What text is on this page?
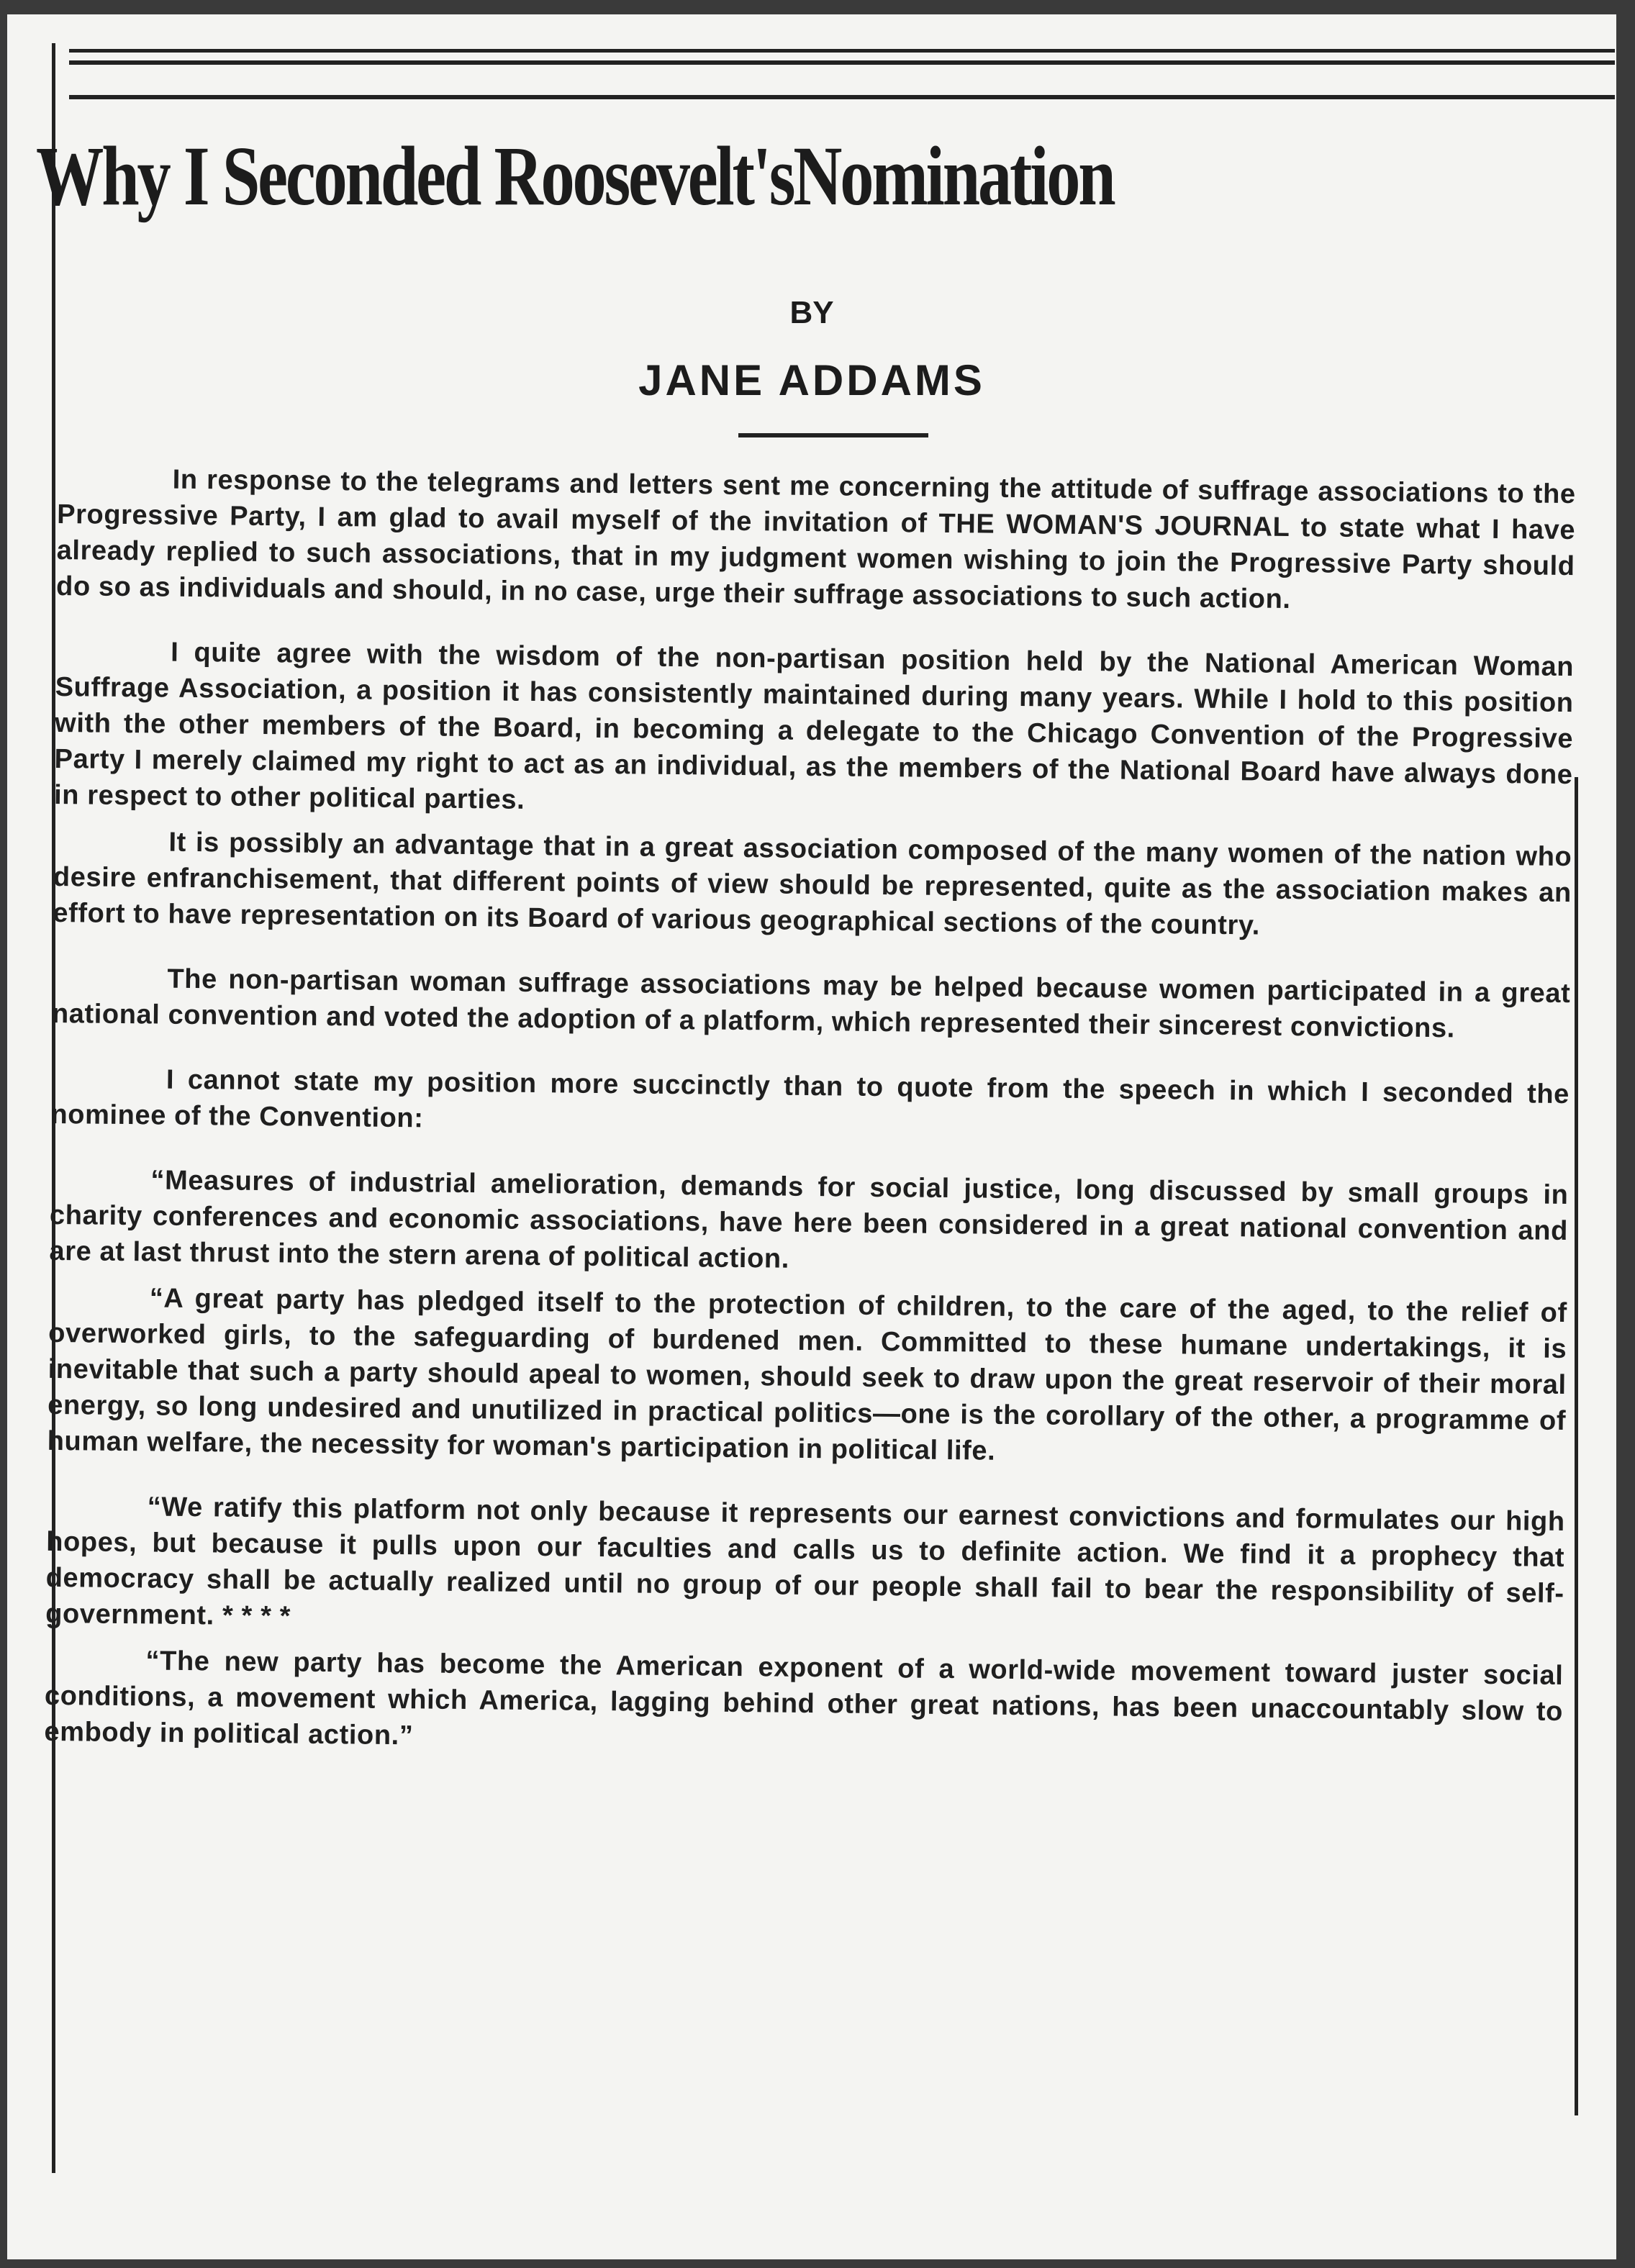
Why I Seconded Roosevelt'sNomination
BY
JANE ADDAMS

In response to the telegrams and letters sent me concerning the attitude of suffrage associations to the Progressive Party, I am glad to avail myself of the invitation of THE WOMAN'S JOURNAL to state what I have already replied to such associations, that in my judgment women wishing to join the Progressive Party should do so as individuals and should, in no case, urge their suffrage associations to such action.

I quite agree with the wisdom of the non-partisan position held by the National American Woman Suffrage Association, a position it has consistently maintained during many years. While I hold to this position with the other members of the Board, in becoming a delegate to the Chicago Convention of the Progressive Party I merely claimed my right to act as an individual, as the members of the National Board have always done in respect to other political parties.

It is possibly an advantage that in a great association composed of the many women of the nation who desire enfranchisement, that different points of view should be represented, quite as the association makes an effort to have representation on its Board of various geographical sections of the country.

The non-partisan woman suffrage associations may be helped because women participated in a great national convention and voted the adoption of a platform, which represented their sincerest convictions.

I cannot state my position more succinctly than to quote from the speech in which I seconded the nominee of the Convention:

“Measures of industrial amelioration, demands for social justice, long discussed by small groups in charity conferences and economic associations, have here been considered in a great national convention and are at last thrust into the stern arena of political action.

“A great party has pledged itself to the protection of children, to the care of the aged, to the relief of overworked girls, to the safeguarding of burdened men. Committed to these humane undertakings, it is inevitable that such a party should apeal to women, should seek to draw upon the great reservoir of their moral energy, so long undesired and unutilized in practical politics—one is the corollary of the other, a programme of human welfare, the necessity for woman's participation in political life.

“We ratify this platform not only because it represents our earnest convictions and formulates our high hopes, but because it pulls upon our faculties and calls us to definite action. We find it a prophecy that democracy shall be actually realized until no group of our people shall fail to bear the responsibility of self-government. * * * *

“The new party has become the American exponent of a world-wide movement toward juster social conditions, a movement which America, lagging behind other great nations, has been unaccountably slow to embody in political action.”
